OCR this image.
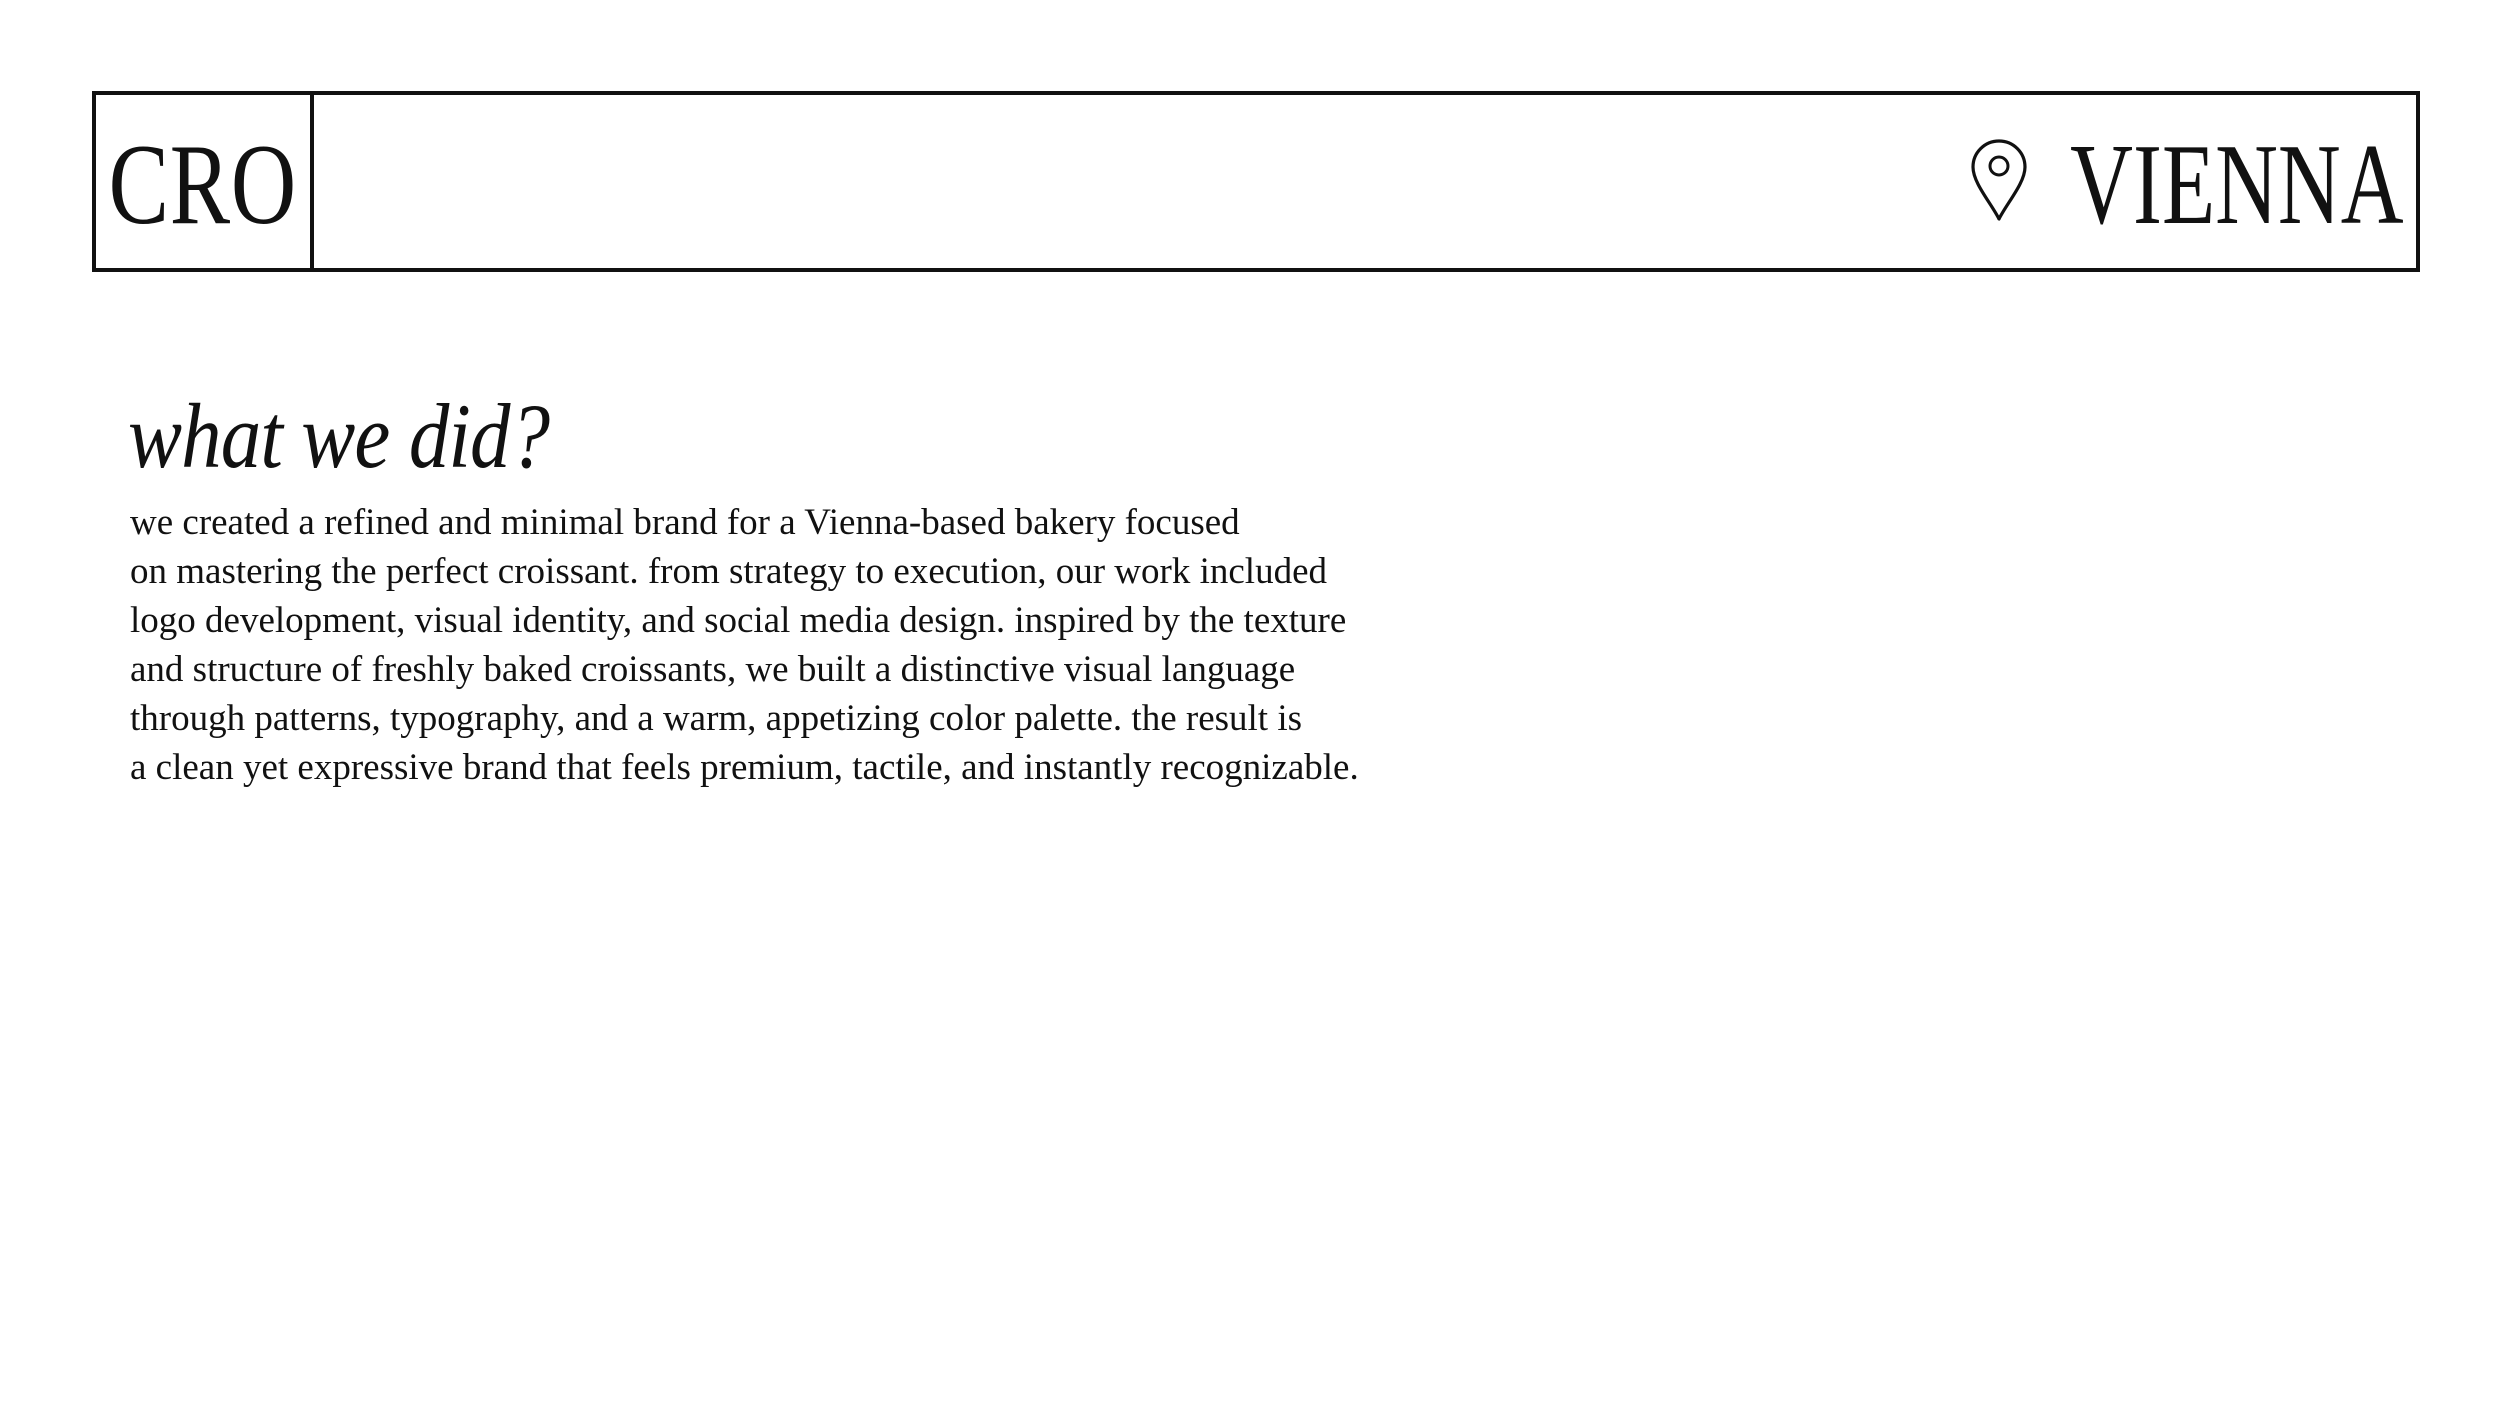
CRO	VIENNA
what we did?

we created a refined and minimal brand for a Vienna-based bakery focused
on mastering the perfect croissant. from strategy to execution, our work included
logo development, visual identity, and social media design. inspired by the texture
and structure of freshly baked croissants, we built a distinctive visual language
through patterns, typography, and a warm, appetizing color palette. the result is
a clean yet expressive brand that feels premium, tactile, and instantly recognizable.
